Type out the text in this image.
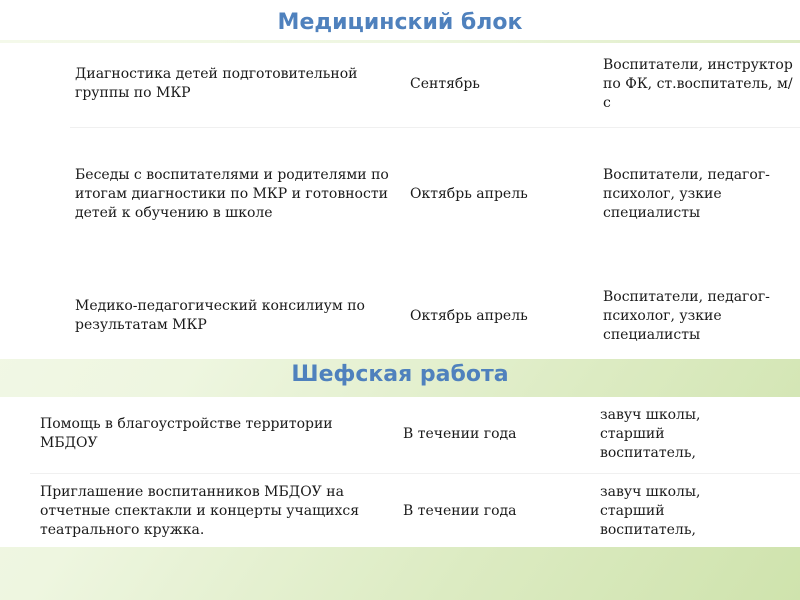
Медицинский блок
Диагностика детей подготовительной группы по МКР
Сентябрь
Воспитатели, инструктор по ФК, ст.воспитатель, м/с
Беседы с воспитателями и родителями по итогам диагностики по МКР и готовности детей к обучению в школе
Октябрь апрель
Воспитатели, педагог-психолог, узкие специалисты
Медико-педагогический консилиум по результатам МКР
Октябрь апрель
Воспитатели, педагог-психолог, узкие специалисты
Шефская работа
Помощь в благоустройстве территории МБДОУ
В течении года
завуч школы, старший воспитатель,
Приглашение воспитанников МБДОУ на отчетные спектакли и концерты учащихся театрального кружка.
В течении года
завуч школы, старший воспитатель,
